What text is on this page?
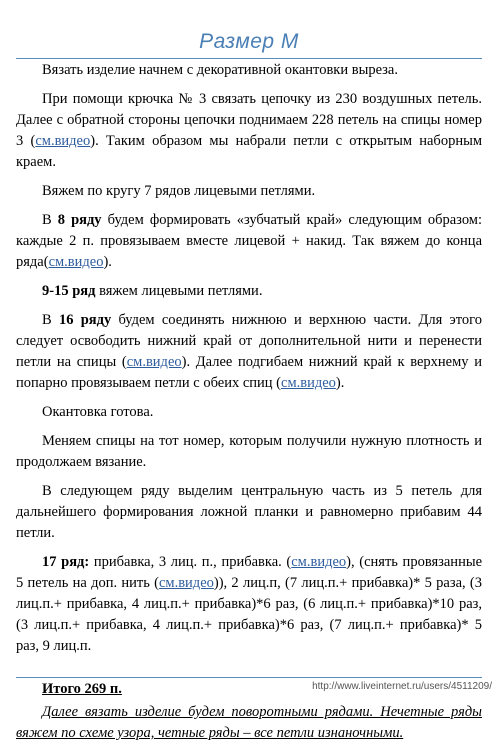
Размер М

Вязать изделие начнем с декоративной окантовки выреза.

При помощи крючка № 3 связать цепочку из 230 воздушных петель. Далее с обратной стороны цепочки поднимаем 228 петель на спицы номер 3 (см.видео). Таким образом мы набрали петли с открытым наборным краем.

Вяжем по кругу 7 рядов лицевыми петлями.

В 8 ряду будем формировать «зубчатый край» следующим образом: каждые 2 п. провязываем вместе лицевой + накид. Так вяжем до конца ряда(см.видео).

9-15 ряд вяжем лицевыми петлями.

В 16 ряду будем соединять нижнюю и верхнюю части. Для этого следует освободить нижний край от дополнительной нити и перенести петли на спицы (см.видео). Далее подгибаем нижний край к верхнему и попарно провязываем петли с обеих спиц (см.видео).

Окантовка готова.

Меняем спицы на тот номер, которым получили нужную плотность и продолжаем вязание.

В следующем ряду выделим центральную часть из 5 петель для дальнейшего формирования ложной планки и равномерно прибавим 44 петли.

17 ряд: прибавка, 3 лиц. п., прибавка. (см.видео), (снять провязанные 5 петель на доп. нить (см.видео)), 2 лиц.п, (7 лиц.п.+ прибавка)* 5 раза, (3 лиц.п.+ прибавка, 4 лиц.п.+ прибавка)*6 раз, (6 лиц.п.+ прибавка)*10 раз, (3 лиц.п.+ прибавка, 4 лиц.п.+ прибавка)*6 раз, (7 лиц.п.+ прибавка)* 5 раз, 9 лиц.п.

Итого 269 п.

Далее вязать изделие будем поворотными рядами. Нечетные ряды вяжем по схеме узора, четные ряды – все петли изнаночными.

http://www.liveinternet.ru/users/4511209/
